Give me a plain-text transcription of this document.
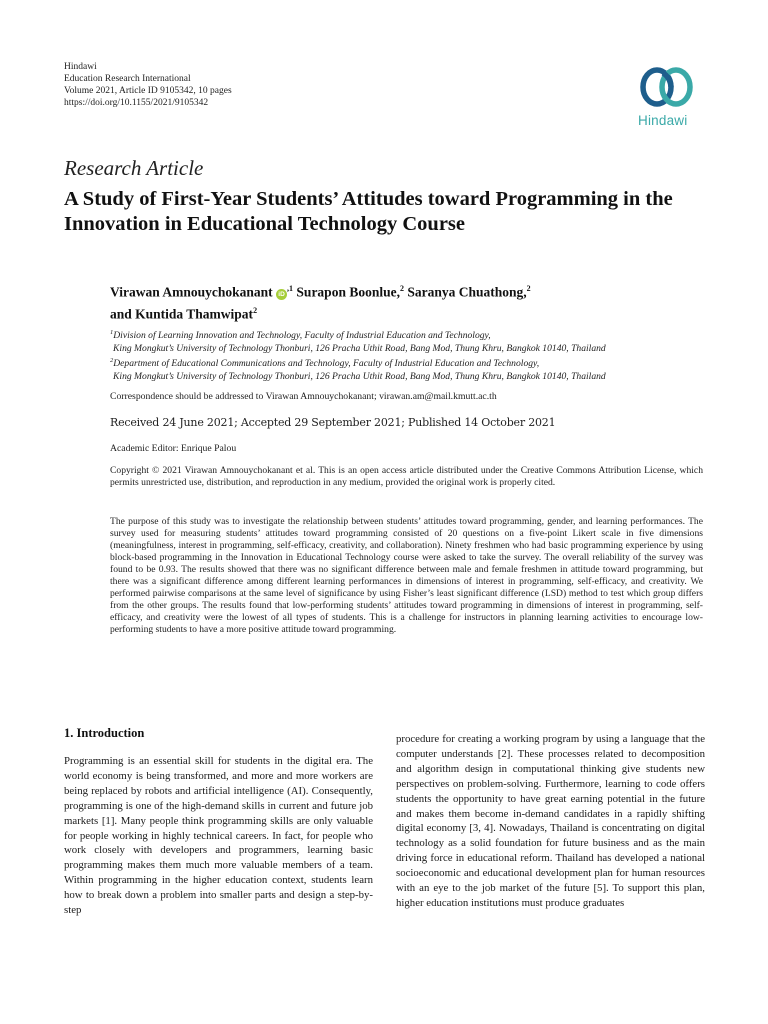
Hindawi
Education Research International
Volume 2021, Article ID 9105342, 10 pages
https://doi.org/10.1155/2021/9105342
Hindawi
Research Article
A Study of First-Year Students’ Attitudes toward Programming in the Innovation in Educational Technology Course
Virawan Amnouychokanant $iD^{,1}$ Surapon Boonlue,$^2$ Saranya Chuathong,$^2$
and Kuntida Thamwipat$^2$
$^1$Division of Learning Innovation and Technology, Faculty of Industrial Education and Technology,
King Mongkut’s University of Technology Thonburi, 126 Pracha Uthit Road, Bang Mod, Thung Khru, Bangkok 10140, Thailand
$^2$Department of Educational Communications and Technology, Faculty of Industrial Education and Technology,
King Mongkut’s University of Technology Thonburi, 126 Pracha Uthit Road, Bang Mod, Thung Khru, Bangkok 10140, Thailand
Correspondence should be addressed to Virawan Amnouychokanant; virawan.am@mail.kmutt.ac.th
Received 24 June 2021; Accepted 29 September 2021; Published 14 October 2021
Academic Editor: Enrique Palou
Copyright © 2021 Virawan Amnouychokanant et al. This is an open access article distributed under the Creative Commons Attribution License, which permits unrestricted use, distribution, and reproduction in any medium, provided the original work is properly cited.
The purpose of this study was to investigate the relationship between students’ attitudes toward programming, gender, and learning performances. The survey used for measuring students’ attitudes toward programming consisted of 20 questions on a five-point Likert scale in five dimensions (meaningfulness, interest in programming, self-efficacy, creativity, and collaboration). Ninety freshmen who had basic programming experience by using block-based programming in the Innovation in Educational Technology course were asked to take the survey. The overall reliability of the survey was found to be 0.93. The results showed that there was no significant difference between male and female freshmen in attitude toward programming, but there was a significant difference among different learning performances in dimensions of interest in programming, self-efficacy, and creativity. We performed pairwise comparisons at the same level of significance by using Fisher’s least significant difference (LSD) method to test which group differs from the other groups. The results found that low-performing students’ attitudes toward programming in dimensions of interest in programming, self-efficacy, and creativity were the lowest of all types of students. This is a challenge for instructors in planning learning activities to encourage low-performing students to have a more positive attitude toward programming.
1. Introduction
Programming is an essential skill for students in the digital era. The world economy is being transformed, and more and more workers are being replaced by robots and artificial intelligence (AI). Consequently, programming is one of the high-demand skills in current and future job markets [1]. Many people think programming skills are only valuable for people working in highly technical careers. In fact, for people who work closely with developers and programmers, learning basic programming makes them much more valuable members of a team. Within programming in the higher education context, students learn how to break down a problem into smaller parts and design a step-by-step
procedure for creating a working program by using a language that the computer understands [2]. These processes related to decomposition and algorithm design in computational thinking give students new perspectives on problem-solving. Furthermore, learning to code offers students the opportunity to have great earning potential in the future and makes them become in-demand candidates in a rapidly shifting digital economy [3, 4]. Nowadays, Thailand is concentrating on digital technology as a solid foundation for future business and as the main driving force in educational reform. Thailand has developed a national socioeconomic and educational development plan for human resources with an eye to the job market of the future [5]. To support this plan, higher education institutions must produce graduates
